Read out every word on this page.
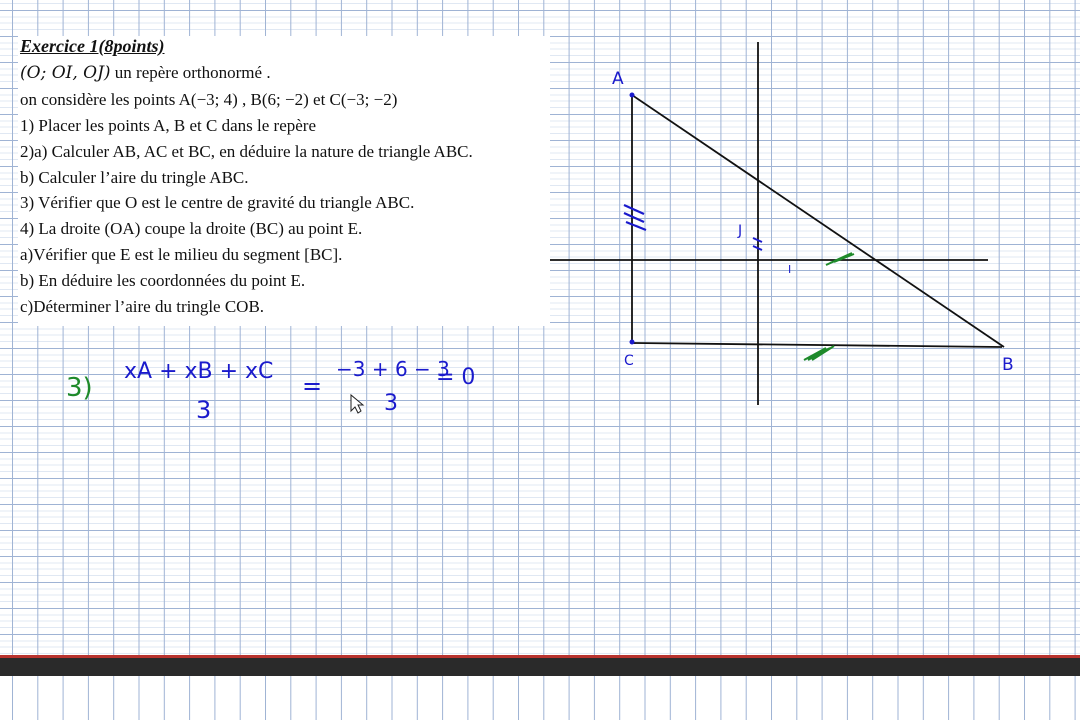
Exercice 1(8points)
(O; OI, OJ) un repère orthonormé .
on considère les points A(−3; 4) , B(6; −2) et C(−3; −2)
1) Placer les points A, B et C dans le repère
2)a) Calculer AB, AC et BC, en déduire la nature de triangle ABC.
b) Calculer l’aire du tringle ABC.
3) Vérifier que O est le centre de gravité du triangle ABC.
4) La droite (OA) coupe la droite (BC) au point E.
a)Vérifier que E est le milieu du segment [BC].
b) En déduire les coordonnées du point E.
c)Déterminer l’aire du tringle COB.
A
C	B
J
I
3)
xA + xB + xC
3
=
−3 + 6 − 3
3
= 0
